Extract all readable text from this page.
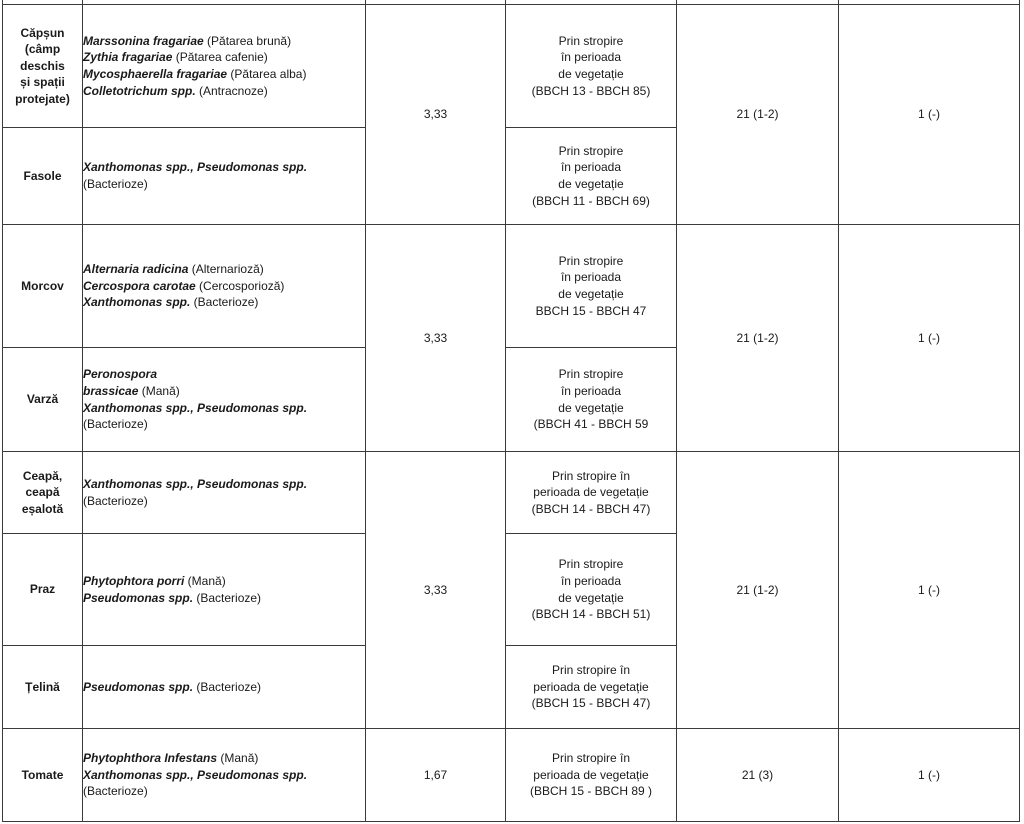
Căpșun
(câmp
deschis
și spații
protejate)	Marssonina fragariae (Pătarea brună)
Zythia fragariae (Pătarea cafenie)
Mycosphaerella fragariae (Pătarea alba)
Colletotrichum spp. (Antracnoze)	3,33	Prin stropire
în perioada
de vegetație
(BBCH 13 - BBCH 85)	21 (1-2)	1 (-)

Fasole	Xanthomonas spp., Pseudomonas spp.
(Bacterioze)		Prin stropire
în perioada
de vegetație
(BBCH 11 - BBCH 69)		

Morcov	Alternaria radicina (Alternarioză)
Cercospora carotae (Cercosporioză)
Xanthomonas spp. (Bacterioze)	3,33	Prin stropire
în perioada
de vegetație
BBCH 15 - BBCH 47	21 (1-2)	1 (-)

Varză	Peronospora
brassicae (Mană)
Xanthomonas spp., Pseudomonas spp.
(Bacterioze)		Prin stropire
în perioada
de vegetație
(BBCH 41 - BBCH 59		

Ceapă,
ceapă
eșalotă	Xanthomonas spp., Pseudomonas spp.
(Bacterioze)	3,33	Prin stropire în
perioada de vegetație
(BBCH 14 - BBCH 47)	21 (1-2)	1 (-)

Praz	Phytophtora porri (Mană)
Pseudomonas spp. (Bacterioze)		Prin stropire
în perioada
de vegetație
(BBCH 14 - BBCH 51)		

Țelină	Pseudomonas spp. (Bacterioze)		Prin stropire în
perioada de vegetație
(BBCH 15 - BBCH 47)		

Tomate	Phytophthora Infestans (Mană)
Xanthomonas spp., Pseudomonas spp.
(Bacterioze)	1,67	Prin stropire în
perioada de vegetație
(BBCH 15 - BBCH 89 )	21 (3)	1 (-)
